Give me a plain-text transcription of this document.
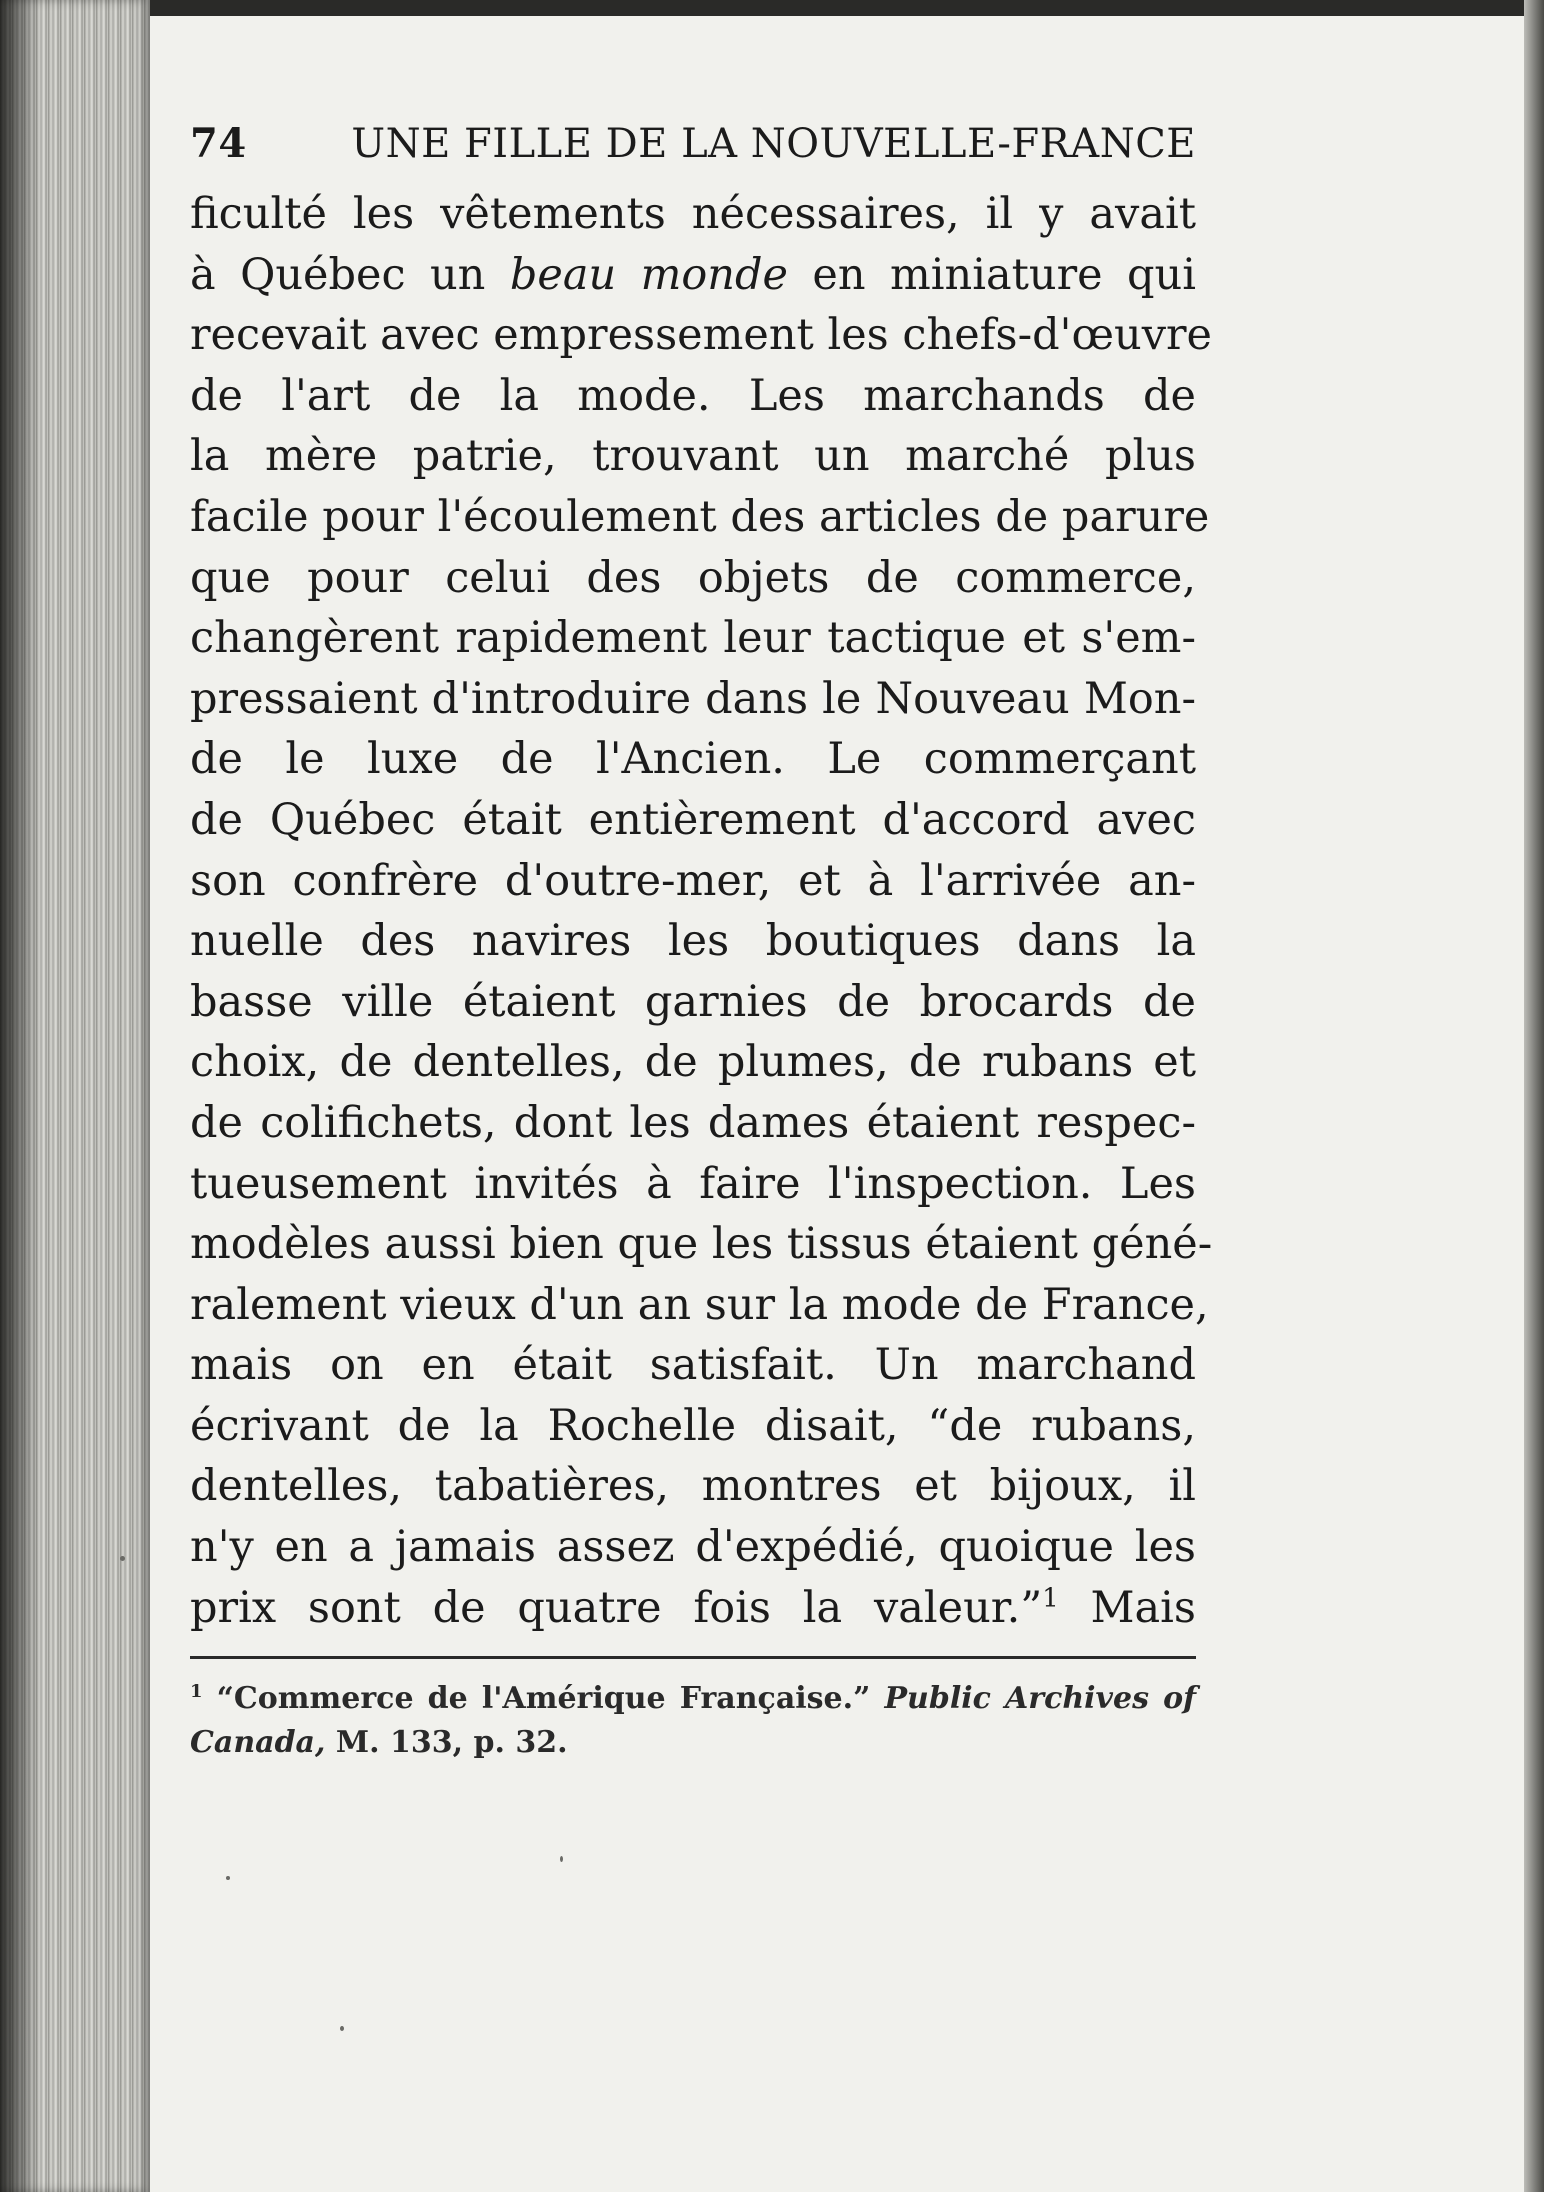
74	UNE FILLE DE LA NOUVELLE-FRANCE
ficulté les vêtements nécessaires, il y avait
à Québec un beau monde en miniature qui
recevait avec empressement les chefs-d'œuvre
de l'art de la mode. Les marchands de
la mère patrie, trouvant un marché plus
facile pour l'écoulement des articles de parure
que pour celui des objets de commerce,
changèrent rapidement leur tactique et s'em-
pressaient d'introduire dans le Nouveau Mon-
de le luxe de l'Ancien. Le commerçant
de Québec était entièrement d'accord avec
son confrère d'outre-mer, et à l'arrivée an-
nuelle des navires les boutiques dans la
basse ville étaient garnies de brocards de
choix, de dentelles, de plumes, de rubans et
de colifichets, dont les dames étaient respec-
tueusement invités à faire l'inspection. Les
modèles aussi bien que les tissus étaient géné-
ralement vieux d'un an sur la mode de France,
mais on en était satisfait. Un marchand
écrivant de la Rochelle disait, “de rubans,
dentelles, tabatières, montres et bijoux, il
n'y en a jamais assez d'expédié, quoique les
prix sont de quatre fois la valeur.”$^1$ Mais
$^1$ “Commerce de l'Amérique Française.” Public Archives of
Canada, M. 133, p. 32.
